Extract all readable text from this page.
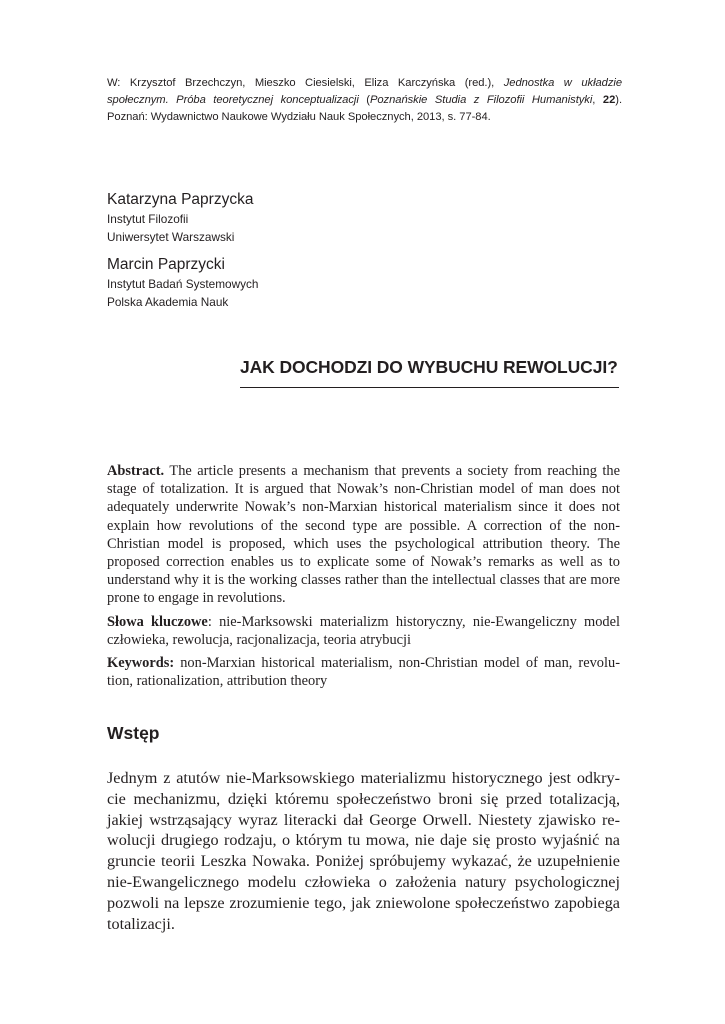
W: Krzysztof Brzechczyn, Mieszko Ciesielski, Eliza Karczyńska (red.), Jednostka w układzie społecznym. Próba teoretycznej konceptualizacji (Poznańskie Studia z Filozofii Humanistyki, 22). Poznań: Wydawnictwo Naukowe Wydziału Nauk Społecznych, 2013, s. 77-84.
Katarzyna Paprzycka
Instytut Filozofii
Uniwersytet Warszawski
Marcin Paprzycki
Instytut Badań Systemowych
Polska Akademia Nauk
JAK DOCHODZI DO WYBUCHU REWOLUCJI?

Abstract. The article presents a mechanism that prevents a society from reaching the stage of totalization. It is argued that Nowak’s non-Christian model of man does not adequately underwrite Nowak’s non-Marxian historical materialism since it does not explain how revolutions of the second type are possible. A correction of the non-Christian model is proposed, which uses the psychological attribution theory. The proposed correction enables us to explicate some of Nowak’s remarks as well as to understand why it is the working classes rather than the intellectual classes that are more prone to engage in revolutions.

Słowa kluczowe: nie-Marksowski materializm historyczny, nie-Ewangeliczny model człowieka, rewolucja, racjonalizacja, teoria atrybucji

Keywords: non-Marxian historical materialism, non-Christian model of man, revolution, rationalization, attribution theory

Wstęp

Jednym z atutów nie-Marksowskiego materializmu historycznego jest odkrycie mechanizmu, dzięki któremu społeczeństwo broni się przed totalizacją, jakiej wstrząsający wyraz literacki dał George Orwell. Niestety zjawisko rewolucji drugiego rodzaju, o którym tu mowa, nie daje się prosto wyjaśnić na gruncie teorii Leszka Nowaka. Poniżej spróbujemy wykazać, że uzupełnienie nie-Ewangelicznego modelu człowieka o założenia natury psychologicznej pozwoli na lepsze zrozumienie tego, jak zniewolone społeczeństwo zapobiega totalizacji.
